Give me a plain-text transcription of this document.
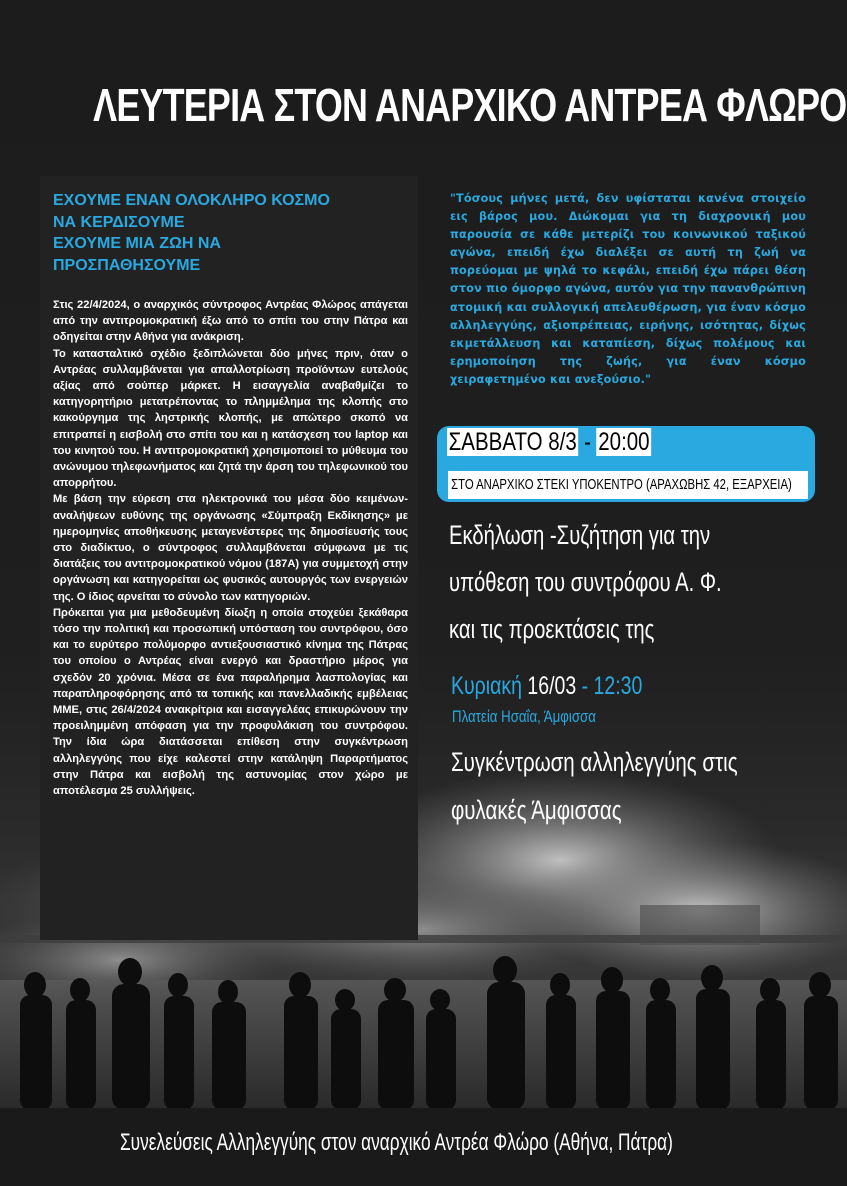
ΛΕΥΤΕΡΙΑ ΣΤΟΝ ΑΝΑΡΧΙΚΟ ΑΝΤΡΕΑ ΦΛΩΡΟ
ΕΧΟΥΜΕ ΕΝΑΝ ΟΛΟΚΛΗΡΟ ΚΟΣΜΟ
ΝΑ ΚΕΡΔΙΣΟΥΜΕ
ΕΧΟΥΜΕ ΜΙΑ ΖΩΗ ΝΑ
ΠΡΟΣΠΑΘΗΣΟΥΜΕ

Στις 22/4/2024, ο αναρχικός σύντροφος Αντρέας Φλώρος απάγεται από την αντιτρομοκρατική έξω από το σπίτι του στην Πάτρα και οδηγείται στην Αθήνα για ανάκριση.

Το κατασταλτικό σχέδιο ξεδιπλώνεται δύο μήνες πριν, όταν ο Αντρέας συλλαμβάνεται για απαλλοτρίωση προϊόντων ευτελούς αξίας από σούπερ μάρκετ. Η εισαγγελία αναβαθμίζει το κατηγορητήριο μετατρέποντας το πλημμέλημα της κλοπής στο κακούργημα της ληστρικής κλοπής, με απώτερο σκοπό να επιτραπεί η εισβολή στο σπίτι του και η κατάσχεση του laptop και του κινητού του. Η αντιτρομοκρατική χρησιμοποιεί το μύθευμα του ανώνυμου τηλεφωνήματος και ζητά την άρση του τηλεφωνικού του απορρήτου.

Με βάση την εύρεση στα ηλεκτρονικά του μέσα δύο κειμένων-αναλήψεων ευθύνης της οργάνωσης «Σύμπραξη Εκδίκησης» με ημερομηνίες αποθήκευσης μεταγενέστερες της δημοσίευσής τους στο διαδίκτυο, ο σύντροφος συλλαμβάνεται σύμφωνα με τις διατάξεις του αντιτρομοκρατικού νόμου (187Α) για συμμετοχή στην οργάνωση και κατηγορείται ως φυσικός αυτουργός των ενεργειών της. Ο ίδιος αρνείται το σύνολο των κατηγοριών.

Πρόκειται για μια μεθοδευμένη δίωξη η οποία στοχεύει ξεκάθαρα τόσο την πολιτική και προσωπική υπόσταση του συντρόφου, όσο και το ευρύτερο πολύμορφο αντιεξουσιαστικό κίνημα της Πάτρας του οποίου ο Αντρέας είναι ενεργό και δραστήριο μέρος για σχεδόν 20 χρόνια. Μέσα σε ένα παραλήρημα λασπολογίας και παραπληροφόρησης από τα τοπικής και πανελλαδικής εμβέλειας ΜΜΕ, στις 26/4/2024 ανακρίτρια και εισαγγελέας επικυρώνουν την προειλημμένη απόφαση για την προφυλάκιση του συντρόφου. Την ίδια ώρα διατάσσεται επίθεση στην συγκέντρωση αλληλεγγύης που είχε καλεστεί στην κατάληψη Παραρτήματος στην Πάτρα και εισβολή της αστυνομίας στον χώρο με αποτέλεσμα 25 συλλήψεις.

"Τόσους μήνες μετά, δεν υφίσταται κανένα στοιχείο εις βάρος μου. Διώκομαι για τη διαχρονική μου παρουσία σε κάθε μετερίζι του κοινωνικού ταξικού αγώνα, επειδή έχω διαλέξει σε αυτή τη ζωή να πορεύομαι με ψηλά το κεφάλι, επειδή έχω πάρει θέση στον πιο όμορφο αγώνα, αυτόν για την πανανθρώπινη ατομική και συλλογική απελευθέρωση, για έναν κόσμο αλληλεγγύης, αξιοπρέπειας, ειρήνης, ισότητας, δίχως εκμετάλλευση και καταπίεση, δίχως πολέμους και ερημοποίηση της ζωής, για έναν κόσμο χειραφετημένο και ανεξούσιο."
ΣΑΒΒΑΤΟ 8/3 - 20:00
ΣΤΟ ΑΝΑΡΧΙΚΟ ΣΤΕΚΙ ΥΠΟΚΕΝΤΡΟ (ΑΡΑΧΩΒΗΣ 42, ΕΞΑΡΧΕΙΑ)
Εκδήλωση -Συζήτηση για την
υπόθεση του συντρόφου Α. Φ.
και τις προεκτάσεις της
Κυριακή 16/03 - 12:30
Πλατεία Ησαΐα, Άμφισσα
Συγκέντρωση αλληλεγγύης στις
φυλακές Άμφισσας
Συνελεύσεις Αλληλεγγύης στον αναρχικό Αντρέα Φλώρο (Αθήνα, Πάτρα)
